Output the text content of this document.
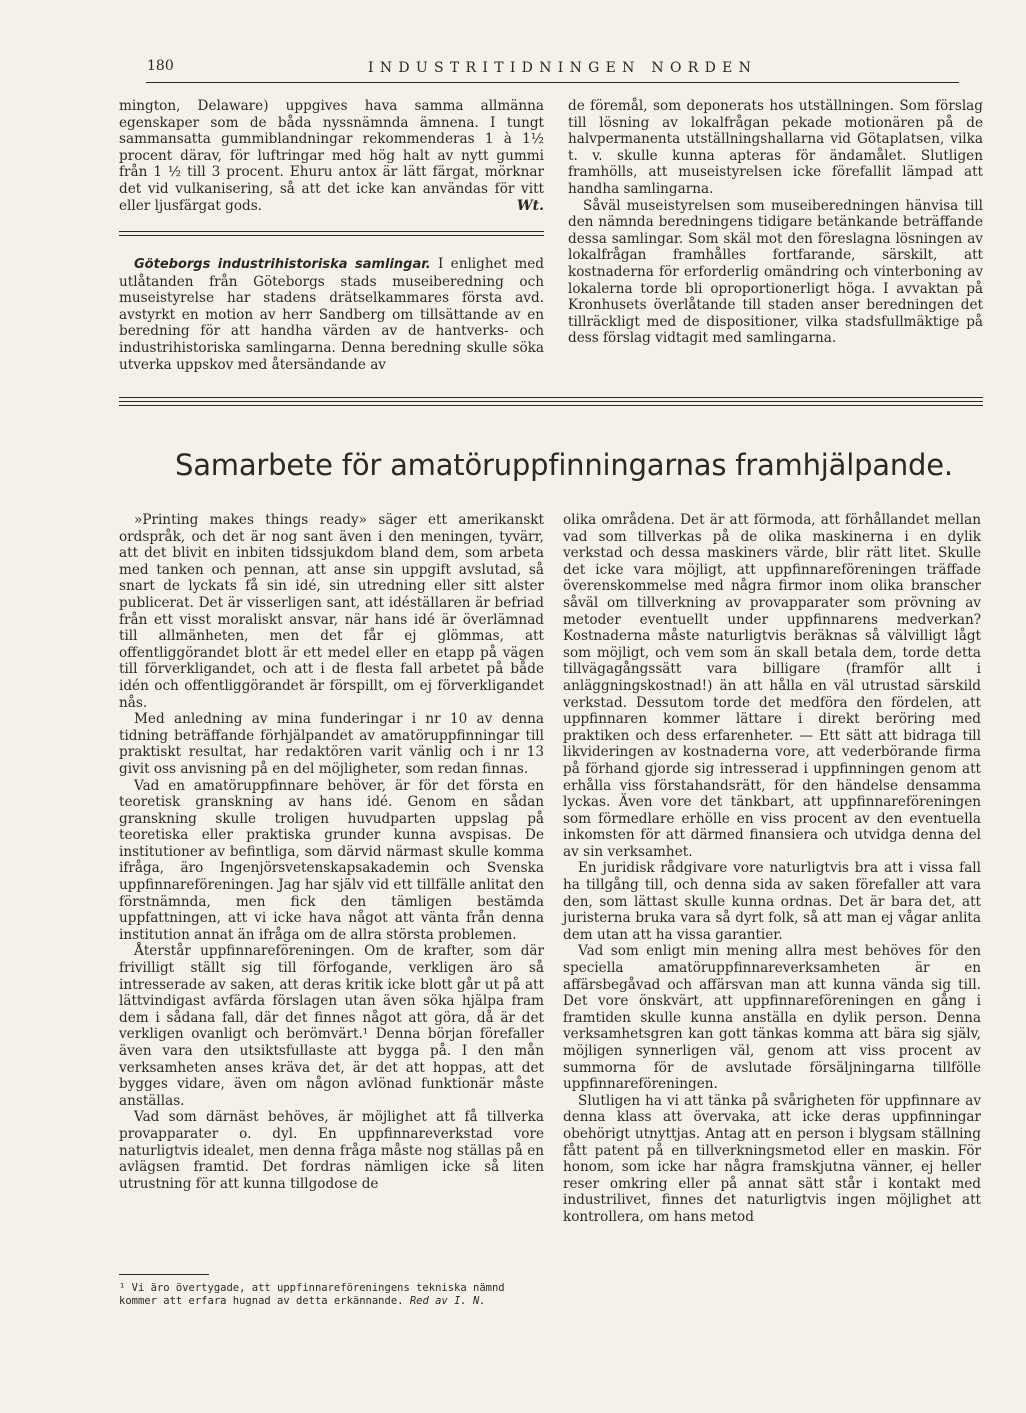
180	INDUSTRITIDNINGEN NORDEN

mington, Delaware) uppgives hava samma allmänna egenskaper som de båda nyssnämnda ämnena. I tungt sammansatta gummiblandningar rekommenderas 1 à 1½ procent därav, för luftringar med hög halt av nytt gummi från 1 ½ till 3 procent. Ehuru antox är lätt färgat, mörknar det vid vulkanisering, så att det icke kan användas för vitt eller ljusfärgat gods.	Wt.

Göteborgs industrihistoriska samlingar. I enlighet med utlåtanden från Göteborgs stads museiberedning och museistyrelse har stadens drätselkammares första avd. avstyrkt en motion av herr Sandberg om tillsättande av en beredning för att handha värden av de hantverks- och industrihistoriska samlingarna. Denna beredning skulle söka utverka uppskov med återsändande av

de föremål, som deponerats hos utställningen. Som förslag till lösning av lokalfrågan pekade motionären på de halvpermanenta utställningshallarna vid Götaplatsen, vilka t. v. skulle kunna apteras för ändamålet. Slutligen framhölls, att museistyrelsen icke förefallit lämpad att handha samlingarna.

Såväl museistyrelsen som museiberedningen hänvisa till den nämnda beredningens tidigare betänkande beträffande dessa samlingar. Som skäl mot den föreslagna lösningen av lokalfrågan framhålles fortfarande, särskilt, att kostnaderna för erforderlig omändring och vinterboning av lokalerna torde bli oproportionerligt höga. I avvaktan på Kronhusets överlåtande till staden anser beredningen det tillräckligt med de dispositioner, vilka stadsfullmäktige på dess förslag vidtagit med samlingarna.

Samarbete för amatöruppfinningarnas framhjälpande.

»Printing makes things ready» säger ett amerikanskt ordspråk, och det är nog sant även i den meningen, tyvärr, att det blivit en inbiten tidssjukdom bland dem, som arbeta med tanken och pennan, att anse sin uppgift avslutad, så snart de lyckats få sin idé, sin utredning eller sitt alster publicerat. Det är visserligen sant, att idéställaren är befriad från ett visst moraliskt ansvar, när hans idé är överlämnad till allmänheten, men det får ej glömmas, att offentliggörandet blott är ett medel eller en etapp på vägen till förverkligandet, och att i de flesta fall arbetet på både idén och offentliggörandet är förspillt, om ej förverkligandet nås.

Med anledning av mina funderingar i nr 10 av denna tidning beträffande förhjälpandet av amatöruppfinningar till praktiskt resultat, har redaktören varit vänlig och i nr 13 givit oss anvisning på en del möjligheter, som redan finnas.

Vad en amatöruppfinnare behöver, är för det första en teoretisk granskning av hans idé. Genom en sådan granskning skulle troligen huvudparten uppslag på teoretiska eller praktiska grunder kunna avspisas. De institutioner av befintliga, som därvid närmast skulle komma ifråga, äro Ingenjörsvetenskapsakademin och Svenska uppfinnareföreningen. Jag har själv vid ett tillfälle anlitat den förstnämnda, men fick den tämligen bestämda uppfattningen, att vi icke hava något att vänta från denna institution annat än ifråga om de allra största problemen.

Återstår uppfinnareföreningen. Om de krafter, som där frivilligt ställt sig till förfogande, verkligen äro så intresserade av saken, att deras kritik icke blott går ut på att lättvindigast avfärda förslagen utan även söka hjälpa fram dem i sådana fall, där det finnes något att göra, då är det verkligen ovanligt och berömvärt.¹ Denna början förefaller även vara den utsiktsfullaste att bygga på. I den mån verksamheten anses kräva det, är det att hoppas, att det bygges vidare, även om någon avlönad funktionär måste anställas.

Vad som därnäst behöves, är möjlighet att få tillverka provapparater o. dyl. En uppfinnareverkstad vore naturligtvis idealet, men denna fråga måste nog ställas på en avlägsen framtid. Det fordras nämligen icke så liten utrustning för att kunna tillgodose de

¹ Vi äro övertygade, att uppfinnareföreningens tekniska nämnd kommer att erfara hugnad av detta erkännande. Red av I. N.

olika områdena. Det är att förmoda, att förhållandet mellan vad som tillverkas på de olika maskinerna i en dylik verkstad och dessa maskiners värde, blir rätt litet. Skulle det icke vara möjligt, att uppfinnareföreningen träffade överenskommelse med några firmor inom olika branscher såväl om tillverkning av provapparater som prövning av metoder eventuellt under uppfinnarens medverkan? Kostnaderna måste naturligtvis beräknas så välvilligt lågt som möjligt, och vem som än skall betala dem, torde detta tillvägagångssätt vara billigare (framför allt i anläggningskostnad!) än att hålla en väl utrustad särskild verkstad. Dessutom torde det medföra den fördelen, att uppfinnaren kommer lättare i direkt beröring med praktiken och dess erfarenheter. — Ett sätt att bidraga till likvideringen av kostnaderna vore, att vederbörande firma på förhand gjorde sig intresserad i uppfinningen genom att erhålla viss förstahandsrätt, för den händelse densamma lyckas. Även vore det tänkbart, att uppfinnareföreningen som förmedlare erhölle en viss procent av den eventuella inkomsten för att därmed finansiera och utvidga denna del av sin verksamhet.

En juridisk rådgivare vore naturligtvis bra att i vissa fall ha tillgång till, och denna sida av saken förefaller att vara den, som lättast skulle kunna ordnas. Det är bara det, att juristerna bruka vara så dyrt folk, så att man ej vågar anlita dem utan att ha vissa garantier.

Vad som enligt min mening allra mest behöves för den speciella amatöruppfinnareverksamheten är en affärsbegåvad och affärsvan man att kunna vända sig till. Det vore önskvärt, att uppfinnareföreningen en gång i framtiden skulle kunna anställa en dylik person. Denna verksamhetsgren kan gott tänkas komma att bära sig själv, möjligen synnerligen väl, genom att viss procent av summorna för de avslutade försäljningarna tillfölle uppfinnareföreningen.

Slutligen ha vi att tänka på svårigheten för uppfinnare av denna klass att övervaka, att icke deras uppfinningar obehörigt utnyttjas. Antag att en person i blygsam ställning fått patent på en tillverkningsmetod eller en maskin. För honom, som icke har några framskjutna vänner, ej heller reser omkring eller på annat sätt står i kontakt med industrilivet, finnes det naturligtvis ingen möjlighet att kontrollera, om hans metod
